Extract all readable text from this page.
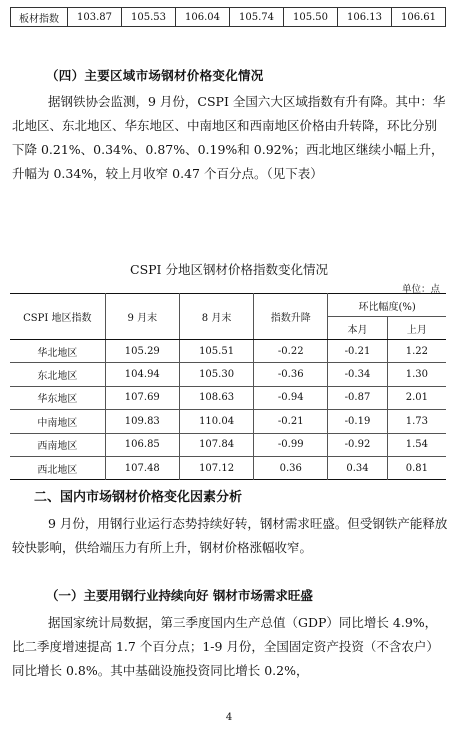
板材指数	103.87	105.53	106.04	105.74	105.50	106.13	106.61
（四）主要区域市场钢材价格变化情况

据钢铁协会监测，9 月份，CSPI 全国六大区域指数有升有降。其中：华北地区、东北地区、华东地区、中南地区和西南地区价格由升转降，环比分别下降 0.21%、0.34%、0.87%、0.19%和 0.92%；西北地区继续小幅上升，升幅为 0.34%，较上月收窄 0.47 个百分点。（见下表）

CSPI 分地区钢材价格指数变化情况
单位：点
CSPI 地区指数	9 月末	8 月末	指数升降	环比幅度(%)	
				本月	上月
华北地区	105.29	105.51	-0.22	-0.21	1.22
东北地区	104.94	105.30	-0.36	-0.34	1.30
华东地区	107.69	108.63	-0.94	-0.87	2.01
中南地区	109.83	110.04	-0.21	-0.19	1.73
西南地区	106.85	107.84	-0.99	-0.92	1.54
西北地区	107.48	107.12	0.36	0.34	0.81
二、国内市场钢材价格变化因素分析

9 月份，用钢行业运行态势持续好转，钢材需求旺盛。但受钢铁产能释放较快影响，供给端压力有所上升，钢材价格涨幅收窄。

（一）主要用钢行业持续向好 钢材市场需求旺盛

据国家统计局数据，第三季度国内生产总值（GDP）同比增长 4.9%，比二季度增速提高 1.7 个百分点；1-9 月份，全国固定资产投资（不含农户）同比增长 0.8%。其中基础设施投资同比增长 0.2%，

4
